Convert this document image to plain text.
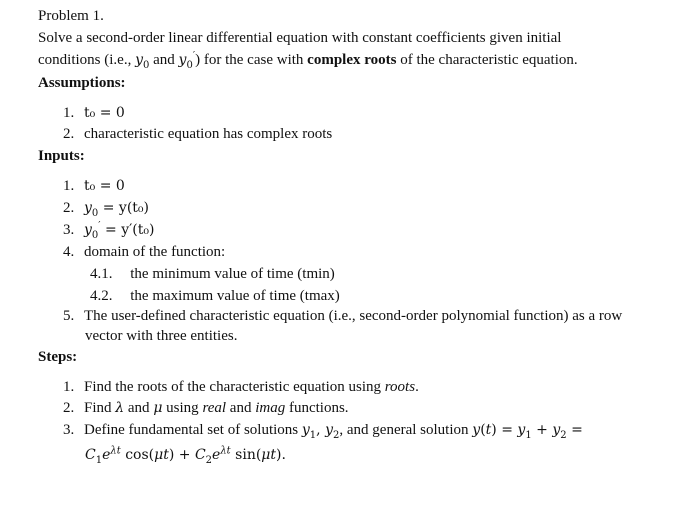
Problem 1.
Solve a second-order linear differential equation with constant coefficients given initial
conditions (i.e., $y_0$ and $y_0'$) for the case with complex roots of the characteristic equation.
Assumptions:
1. t₀ = 0
2. characteristic equation has complex roots
Inputs:
1. t₀ = 0
2. $y_0 = y(t_0)$
3. $y_0' = y'(t_0)$
4. domain of the function:
4.1. the minimum value of time (tmin)
4.2. the maximum value of time (tmax)
5. The user-defined characteristic equation (i.e., second-order polynomial function) as a row
vector with three entities.
Steps:
1. Find the roots of the characteristic equation using roots.
2. Find λ and μ using real and imag functions.
3. Define fundamental set of solutions $y_1$, $y_2$, and general solution $y(t) = y_1 + y_2$ =
$C_1e^{\lambda t}$ $\cos(\mu t) + C_2e^{\lambda t}$ sin(μt).
